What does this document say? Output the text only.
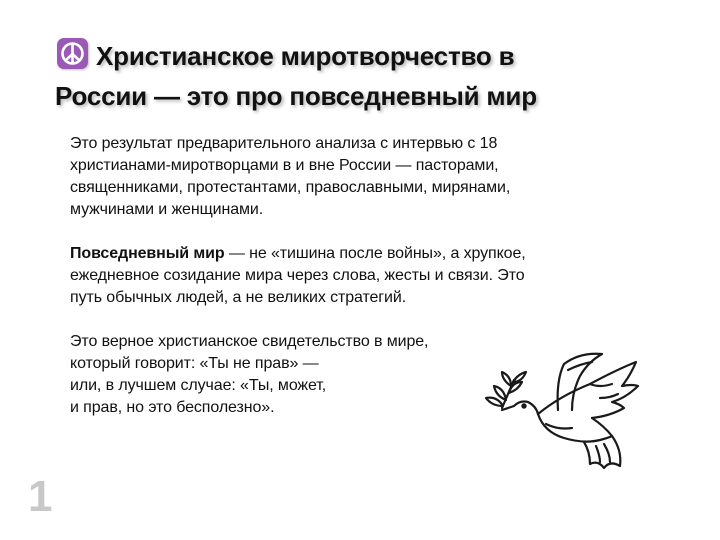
Христианское миротворчество в
России — это про повседневный мир
Это результат предварительного анализа с интервью с 18
христианами-миротворцами в и вне России — пасторами,
священниками, протестантами, православными, мирянами,
мужчинами и женщинами.
Повседневный мир — не «тишина после войны», а хрупкое,
ежедневное созидание мира через слова, жесты и связи. Это
путь обычных людей, а не великих стратегий.
Это верное христианское свидетельство в мире,
который говорит: «Ты не прав» —
или, в лучшем случае: «Ты, может,
и прав, но это бесполезно».
1
